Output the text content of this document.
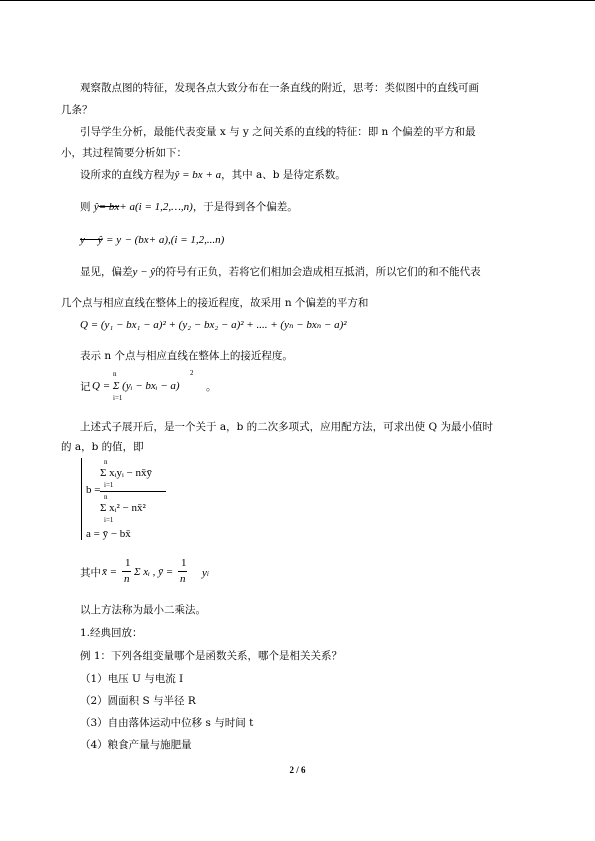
观察散点图的特征，发现各点大致分布在一条直线的附近，思考：类似图中的直线可画
几条？
引导学生分析，最能代表变量 x 与 y 之间关系的直线的特征：即 n 个偏差的平方和最
小，其过程简要分析如下：
设所求的直线方程为ŷ = bx + a，其中 a、b 是待定系数。
则 ŷ= bx+ a(i = 1,2,…,n)，于是得到各个偏差。
y − ŷ = y − (bx+ a),(i = 1,2,...n)
显见，偏差y − ŷ的符号有正负，若将它们相加会造成相互抵消，所以它们的和不能代表
几个点与相应直线在整体上的接近程度，故采用 n 个偏差的平方和
Q = (y₁ − bx₁ − a)² + (y₂ − bx₂ − a)² + .... + (yₙ − bxₙ − a)²
表示 n 个点与相应直线在整体上的接近程度。
记
n
Q = Σ (yᵢ − bxᵢ − a)
i=1
2
。
上述式子展开后，是一个关于 a，b 的二次多项式，应用配方法，可求出使 Q 为最小值时
的 a，b 的值，即
n
b =
Σ xᵢyᵢ − nx̄ȳ
i=1
n
Σ xᵢ² − nx̄²
i=1
a = ȳ − bx̄
其中 x̄ =
1
n
Σ xᵢ , ȳ =
1
n yi
以上方法称为最小二乘法。
1.经典回放：
例 1：下列各组变量哪个是函数关系，哪个是相关关系？
（1）电压 U 与电流 I
（2）圆面积 S 与半径 R
（3）自由落体运动中位移 s 与时间 t
（4）粮食产量与施肥量
2 / 6
